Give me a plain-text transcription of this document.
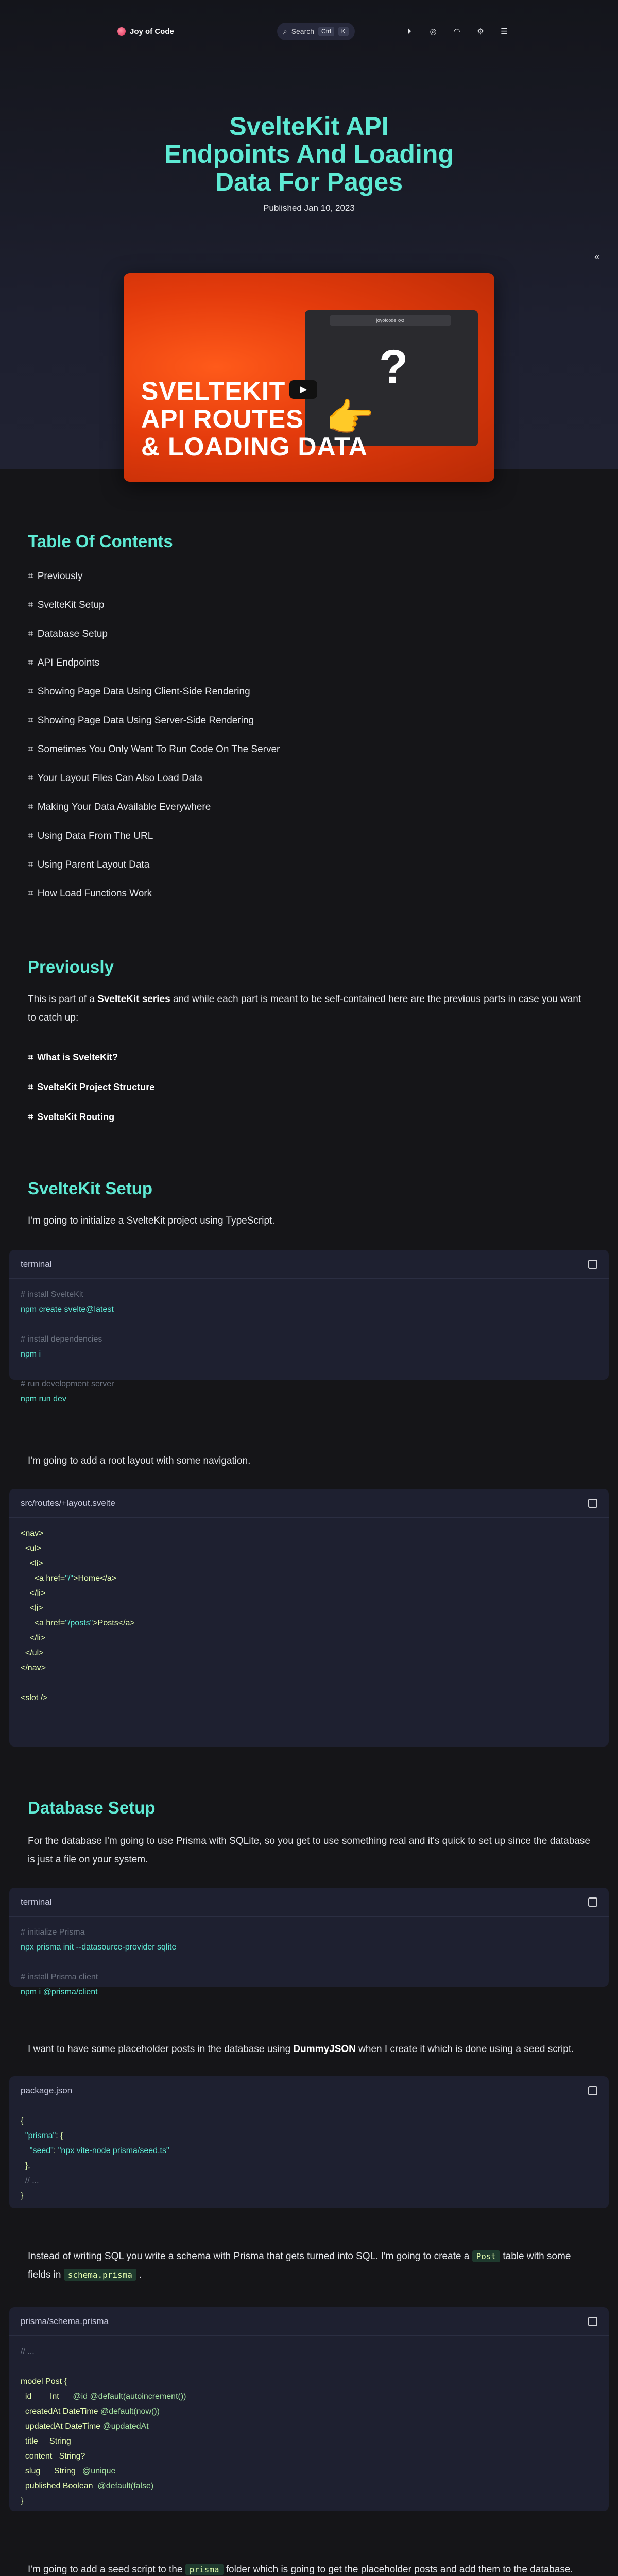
Joy of Code	⌕ Search	Ctrl	K	⏵	◎ ◠ ⚙ ☰
SvelteKit API
Endpoints And Loading
Data For Pages
Published Jan 10, 2023
«
joyofcode.xyz
?
▶
SVELTEKIT
API ROUTES
& LOADING DATA
👉
Table Of Contents
⌗ Previously
⌗ SvelteKit Setup
⌗ Database Setup
⌗ API Endpoints
⌗ Showing Page Data Using Client-Side Rendering
⌗ Showing Page Data Using Server-Side Rendering
⌗ Sometimes You Only Want To Run Code On The Server
⌗ Your Layout Files Can Also Load Data
⌗ Making Your Data Available Everywhere
⌗ Using Data From The URL
⌗ Using Parent Layout Data
⌗ How Load Functions Work
Previously

This is part of a SvelteKit series and while each part is meant to be self-contained here are the previous parts in case you want to catch up:

⌗ What is SvelteKit?
⌗ SvelteKit Project Structure
⌗ SvelteKit Routing
SvelteKit Setup

I'm going to initialize a SvelteKit project using TypeScript.

terminal
# install SvelteKit
npm create svelte@latest

# install dependencies
npm i

# run development server
npm run dev

I'm going to add a root layout with some navigation.

src/routes/+layout.svelte
<nav>
<ul>
<li>
<a href="/">Home</a>
</li>
<li>
<a href="/posts">Posts</a>
</li>
</ul>
</nav>

<slot />
Database Setup

For the database I'm going to use Prisma with SQLite, so you get to use something real and it's quick to set up since the database is just a file on your system.

terminal
# initialize Prisma
npx prisma init --datasource-provider sqlite

# install Prisma client
npm i @prisma/client

I want to have some placeholder posts in the database using DummyJSON when I create it which is done using a seed script.

package.json
{
"prisma": {
"seed": "npx vite-node prisma/seed.ts"
},
// ...
}

Instead of writing SQL you write a schema with Prisma that gets turned into SQL. I'm going to create a Post table with some fields in schema.prisma .

prisma/schema.prisma
// ...

model Post {
id        Int      @id @default(autoincrement())
createdAt DateTime @default(now())
updatedAt DateTime @updatedAt
title     String
content   String?
slug      String   @unique
published Boolean  @default(false)
}

I'm going to add a seed script to the prisma folder which is going to get the placeholder posts and add them to the database.
